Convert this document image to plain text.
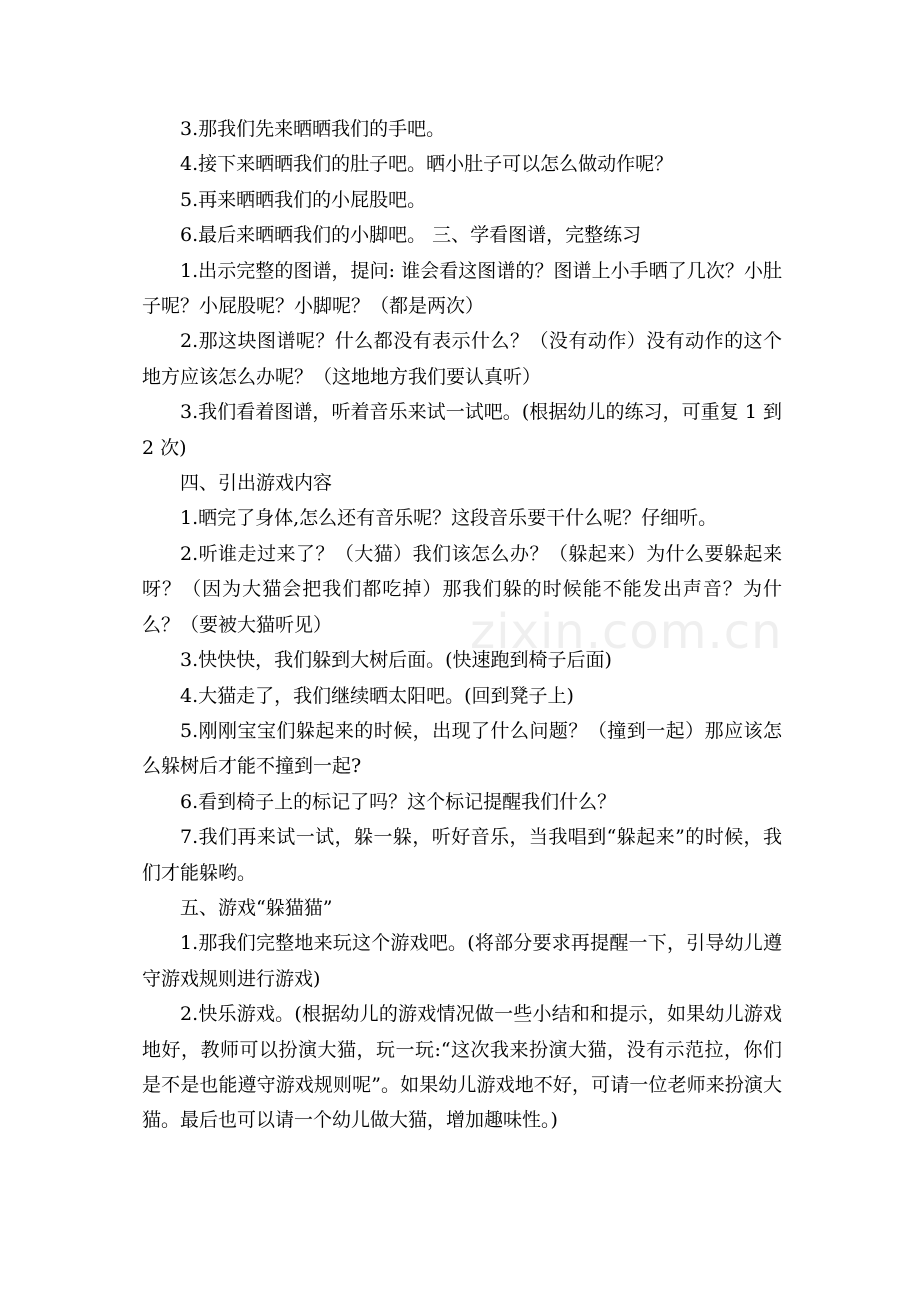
3.那我们先来晒晒我们的手吧。

4.接下来晒晒我们的肚子吧。晒小肚子可以怎么做动作呢？

5.再来晒晒我们的小屁股吧。

6.最后来晒晒我们的小脚吧。 三、学看图谱，完整练习

1.出示完整的图谱，提问: 谁会看这图谱的？图谱上小手晒了几次？小肚子呢？小屁股呢？小脚呢？（都是两次）

2.那这块图谱呢？什么都没有表示什么？（没有动作）没有动作的这个地方应该怎么办呢？（这地地方我们要认真听）

3.我们看着图谱，听着音乐来试一试吧。(根据幼儿的练习，可重复 1 到 2 次)

四、引出游戏内容

1.晒完了身体,怎么还有音乐呢？这段音乐要干什么呢？仔细听。

2.听谁走过来了？（大猫）我们该怎么办？（躲起来）为什么要躲起来呀？（因为大猫会把我们都吃掉）那我们躲的时候能不能发出声音？为什么？（要被大猫听见）

3.快快快，我们躲到大树后面。(快速跑到椅子后面)

4.大猫走了，我们继续晒太阳吧。(回到凳子上)

5.刚刚宝宝们躲起来的时候，出现了什么问题？（撞到一起）那应该怎么躲树后才能不撞到一起?

6.看到椅子上的标记了吗？这个标记提醒我们什么？

7.我们再来试一试，躲一躲，听好音乐，当我唱到“躲起来”的时候，我们才能躲哟。

五、游戏“躲猫猫”

1.那我们完整地来玩这个游戏吧。(将部分要求再提醒一下，引导幼儿遵守游戏规则进行游戏)

2.快乐游戏。(根据幼儿的游戏情况做一些小结和和提示，如果幼儿游戏地好，教师可以扮演大猫，玩一玩:“这次我来扮演大猫，没有示范拉，你们是不是也能遵守游戏规则呢”。如果幼儿游戏地不好，可请一位老师来扮演大猫。最后也可以请一个幼儿做大猫，增加趣味性。)

zixin.com.cn
